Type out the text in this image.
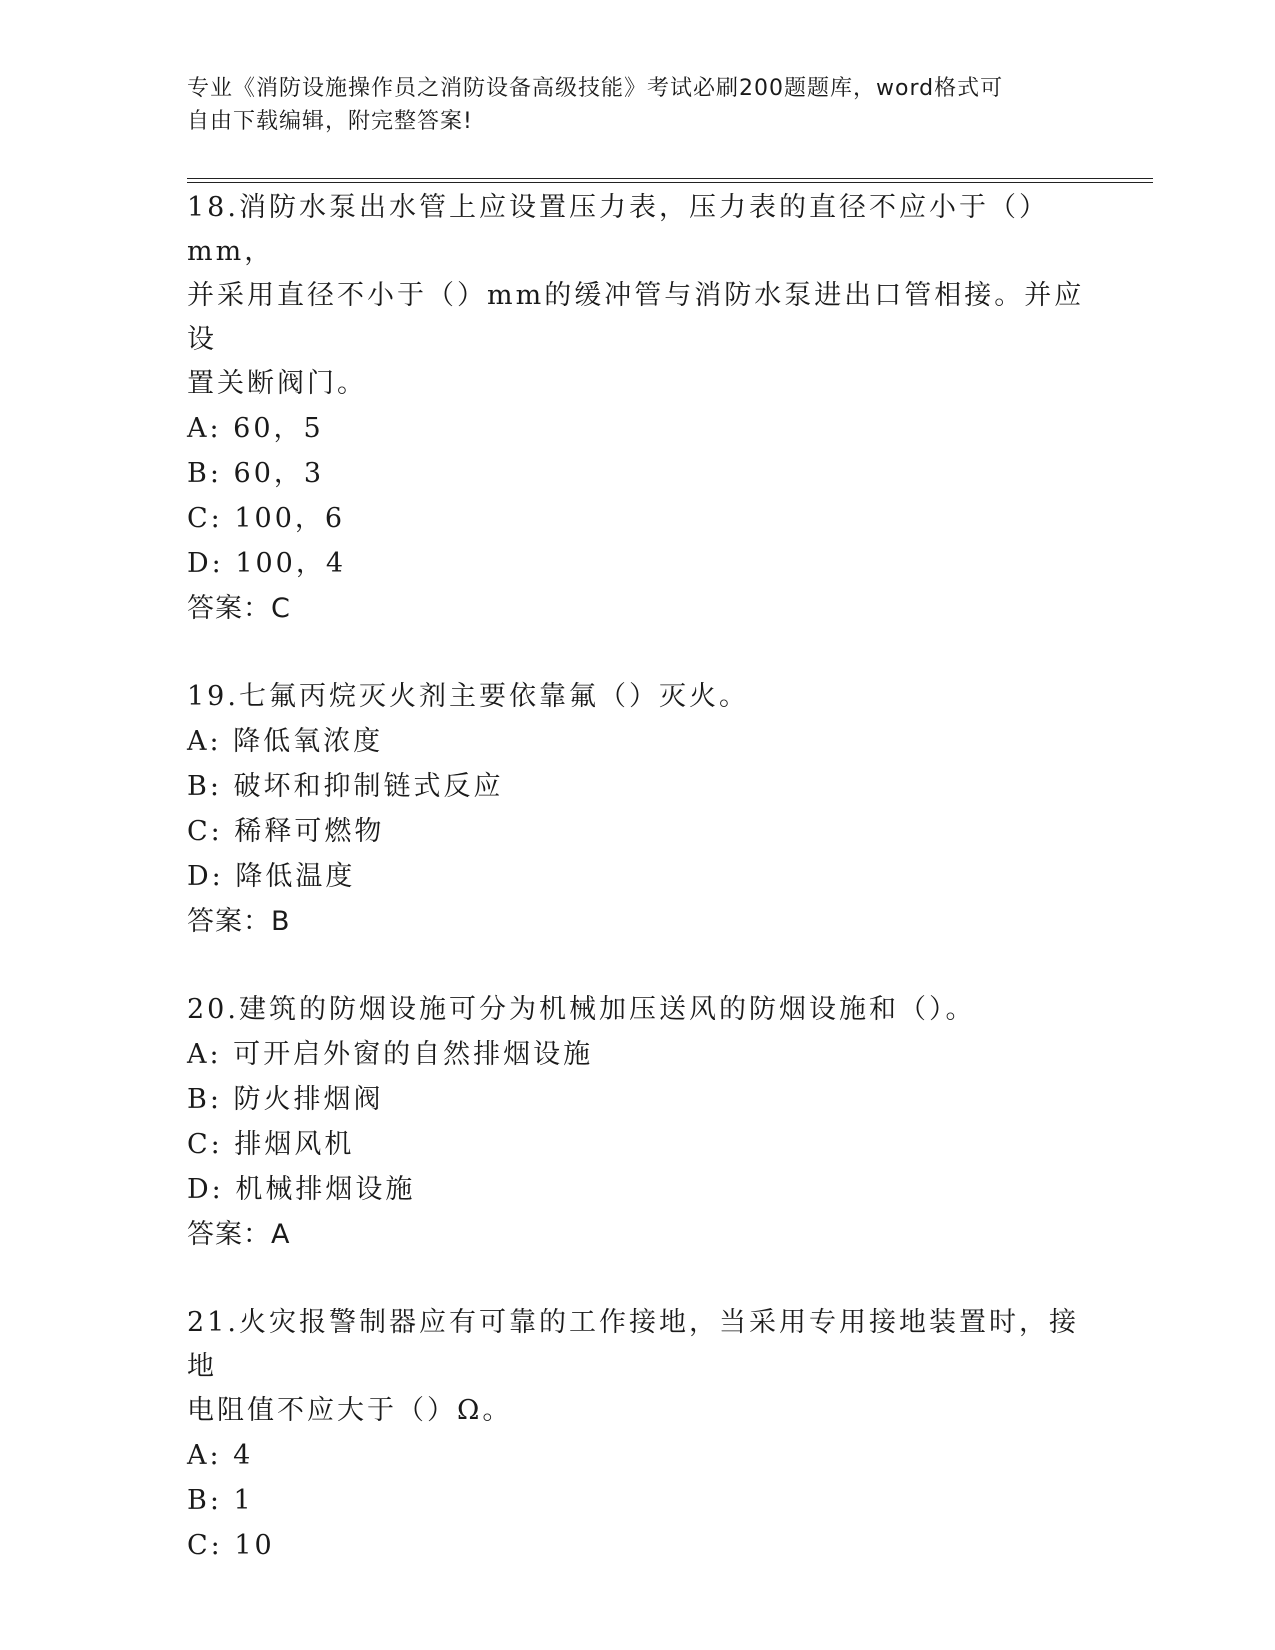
专业《消防设施操作员之消防设备高级技能》考试必刷200题题库，word格式可
自由下载编辑，附完整答案!

18.消防水泵出水管上应设置压力表，压力表的直径不应小于（）mm，

并采用直径不小于（）mm的缓冲管与消防水泵进出口管相接。并应设

置关断阀门。

A: 60，5

B: 60，3

C: 100，6

D: 100，4

答案：C

19.七氟丙烷灭火剂主要依靠氟（）灭火。

A: 降低氧浓度

B: 破坏和抑制链式反应

C: 稀释可燃物

D: 降低温度

答案：B

20.建筑的防烟设施可分为机械加压送风的防烟设施和（）。

A: 可开启外窗的自然排烟设施

B: 防火排烟阀

C: 排烟风机

D: 机械排烟设施

答案：A

21.火灾报警制器应有可靠的工作接地，当采用专用接地装置时，接地

电阻值不应大于（）Ω。

A: 4

B: 1

C: 10
